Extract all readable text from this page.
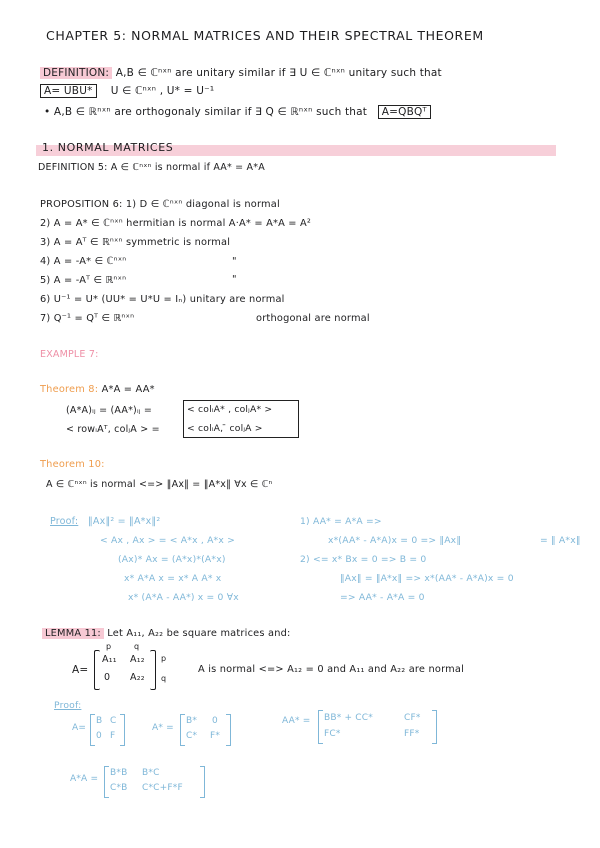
CHAPTER 5: NORMAL MATRICES AND THEIR SPECTRAL THEOREM
DEFINITION: A,B ∈ ℂⁿˣⁿ are unitary similar if ∃ U ∈ ℂⁿˣⁿ unitary such that
A= UBU* U ∈ ℂⁿˣⁿ , U* = U⁻¹
• A,B ∈ ℝⁿˣⁿ are orthogonaly similar if ∃ Q ∈ ℝⁿˣⁿ such that A=QBQᵀ
1. NORMAL MATRICES
DEFINITION 5: A ∈ ℂⁿˣⁿ is normal if AA* = A*A
PROPOSITION 6: 1) D ∈ ℂⁿˣⁿ diagonal is normal
2) A = A* ∈ ℂⁿˣⁿ hermitian is normal A·A* = A*A = A²
3) A = Aᵀ ∈ ℝⁿˣⁿ symmetric is normal
4) A = -A* ∈ ℂⁿˣⁿ	"
5) A = -Aᵀ ∈ ℝⁿˣⁿ	"
6) U⁻¹ = U* (UU* = U*U = Iₙ) unitary are normal
7) Q⁻¹ = Qᵀ ∈ ℝⁿˣⁿ	orthogonal are normal
EXAMPLE 7:
Theorem 8: A*A = AA*
(A*A)ᵢⱼ = (AA*)ᵢⱼ =
< rowᵢAᵀ, colⱼA > =
< colᵢA* , colⱼA* >
< colᵢA, ̄ colⱼA >
Theorem 10:
A ∈ ℂⁿˣⁿ is normal <=> ‖Ax‖ = ‖A*x‖ ∀x ∈ ℂⁿ
Proof: ‖Ax‖² = ‖A*x‖²
< Ax , Ax > = < A*x , A*x >
(Ax)* Ax = (A*x)*(A*x)
x* A*A x = x* A A* x
x* (A*A - AA*) x = 0 ∀x
1) AA* = A*A =>
x*(AA* - A*A)x = 0 => ‖Ax‖
2) <= x* Bx = 0 => B = 0
‖Ax‖ = ‖A*x‖ => x*(AA* - A*A)x = 0
=> AA* - A*A = 0
= ‖ A*x‖
LEMMA 11: Let A₁₁, A₂₂ be square matrices and:
p	q
A=
A₁₁ A₁₂
0 A₂₂
p
q
A is normal <=> A₁₂ = 0 and A₁₁ and A₂₂ are normal
Proof:
A=
B C
0 F
A* =
B* 0
C* F*
AA* = BB* + CC*	CF*
FC*	FF*
A*A =
B*B B*C
C*B C*C+F*F
